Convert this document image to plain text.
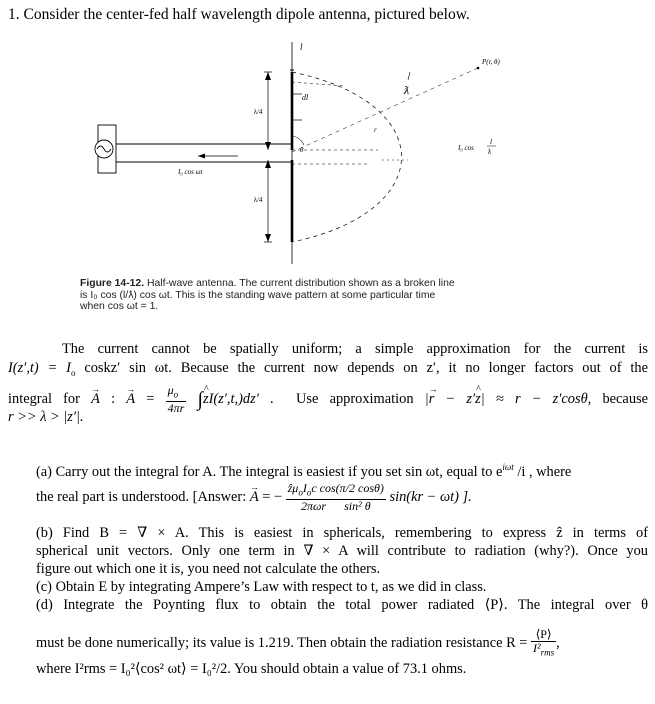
1. Consider the center-fed half wavelength dipole antenna, pictured below.
λ/4
λ/4
dl
l
I₀ cos ωt
θ
r
ƛ
P(r, θ)
I₀ cos
l
ƛ
Figure 14-12. Half-wave antenna. The current distribution shown as a broken line
is I₀ cos (l/ƛ) cos ωt. This is the standing wave pattern at some particular time
when cos ωt = 1.
The current cannot be spatially uniform; a simple approximation for the current is
$I(z',t) = I_o$ coskz′ sin ωt. Because the current now depends on z′, it no longer factors out of the
integral for → A : → $A = \frac{\mu_o}{4\pi r}$ ∫^ zI(z′,t,)dz′ .  Use approximation |→ r − z′^ z| ≈ r − z′cosθ, because
r >> λ > |z′|.
(a) Carry out the integral for A. The integral is easiest if you set sin ωt, equal to $e^{i\omega t}$ /i , where
the real part is understood. [Answer: → A = − $\frac{ẑ\mu_oI_oc \cos(\pi/2 \cos\theta)}{\text{2πωr      sin² θ}} \sin(kr - \omega t)$ ].
(b) Find B = ∇ × A. This is easiest in sphericals, remembering to express ẑ in terms of
spherical unit vectors. Only one term in ∇ × A will contribute to radiation (why?). Once you
figure out which one it is, you need not calculate the others.
(c) Obtain E by integrating Ampere’s Law with respect to t, as we did in class.
(d) Integrate the Poynting flux to obtain the total power radiated ⟨P⟩. The integral over θ
must be done numerically; its value is 1.219. Then obtain the radiation resistance $R = \frac{⟨P⟩}{I^2_{rms}}$ ,
where I²rms = I₀²⟨cos² ωt⟩ = I₀²/2. You should obtain a value of 73.1 ohms.
